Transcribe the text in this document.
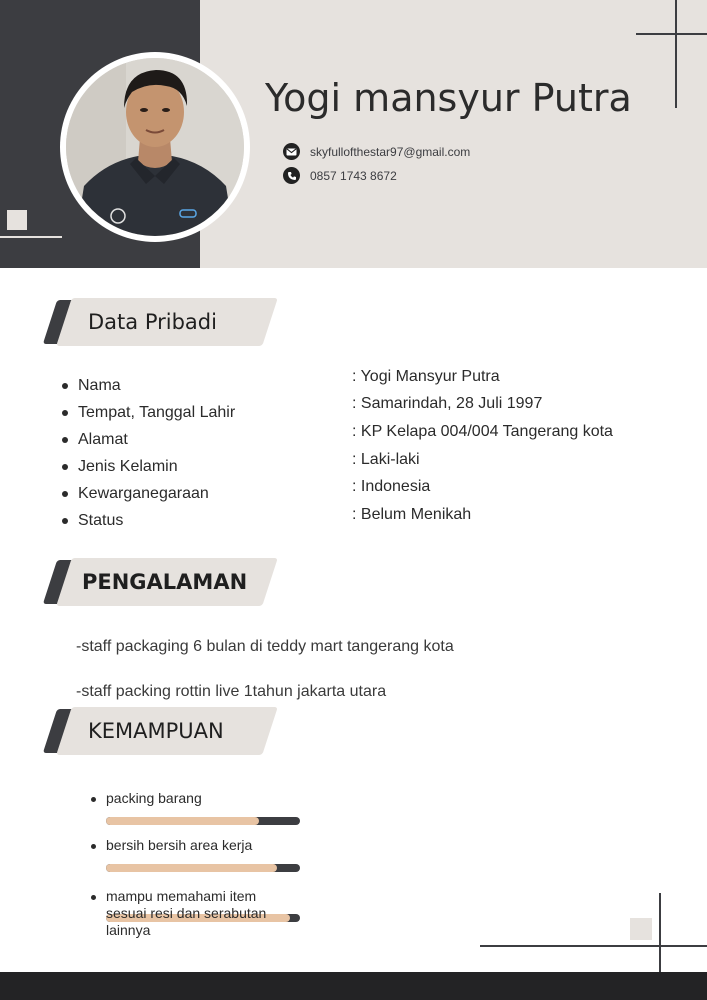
Yogi mansyur Putra
skyfullofthestar97@gmail.com
0857 1743 8672
Data Pribadi
Nama
Tempat, Tanggal Lahir
Alamat
Jenis Kelamin
Kewarganegaraan
Status
: Yogi Mansyur Putra
: Samarindah, 28 Juli 1997
: KP Kelapa 004/004 Tangerang kota
: Laki-laki
: Indonesia
: Belum Menikah
PENGALAMAN
-staff packaging 6 bulan di teddy mart tangerang kota
-staff packing rottin live 1tahun jakarta utara
KEMAMPUAN
packing barang
bersih bersih area kerja
mampu memahami item sesuai resi dan serabutan lainnya
